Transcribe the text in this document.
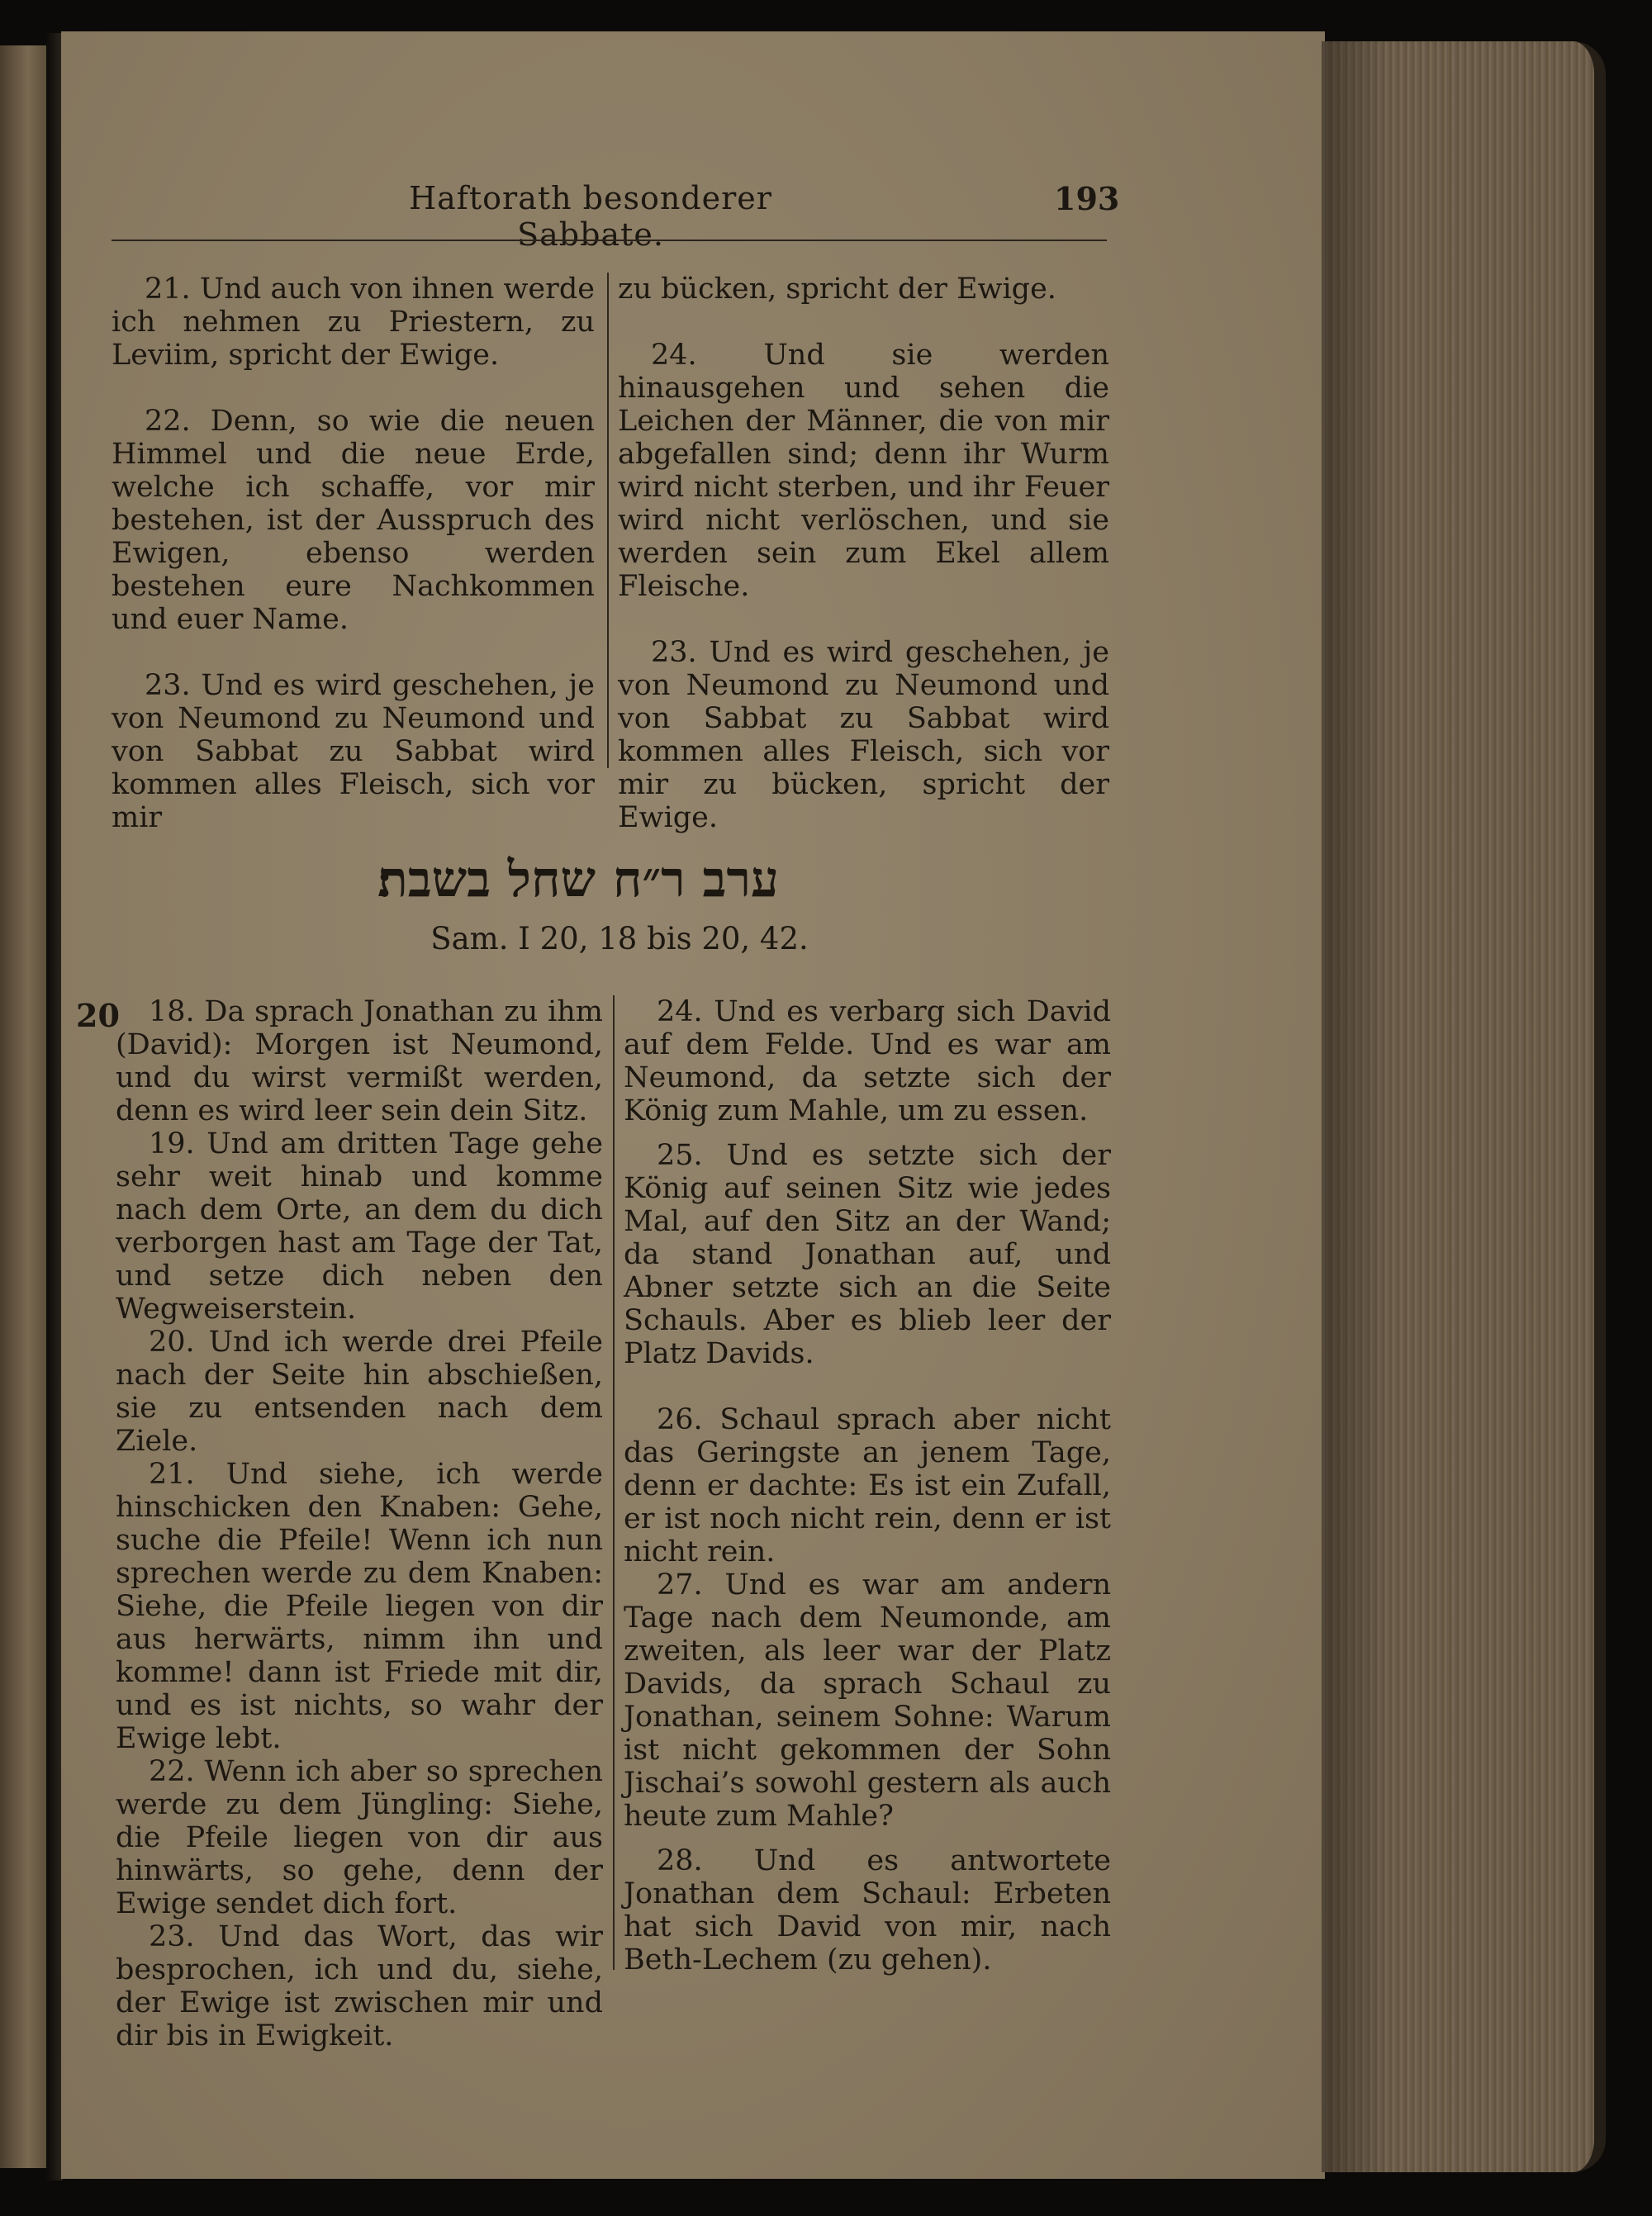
Haftorath besonderer Sabbate.
193

21. Und auch von ihnen werde ich nehmen zu Priestern, zu Leviim, spricht der Ewige.

22. Denn, so wie die neuen Himmel und die neue Erde, welche ich schaffe, vor mir bestehen, ist der Ausspruch des Ewigen, ebenso werden bestehen eure Nachkommen und euer Name.

23. Und es wird geschehen, je von Neumond zu Neumond und von Sabbat zu Sabbat wird kommen alles Fleisch, sich vor mir

zu bücken, spricht der Ewige.

24. Und sie werden hinausgehen und sehen die Leichen der Männer, die von mir abgefallen sind; denn ihr Wurm wird nicht sterben, und ihr Feuer wird nicht verlöschen, und sie werden sein zum Ekel allem Fleische.

23. Und es wird geschehen, je von Neumond zu Neumond und von Sabbat zu Sabbat wird kommen alles Fleisch, sich vor mir zu bücken, spricht der Ewige.

ערב ר״ח שחל בשבת׃
Sam. I 20, 18 bis 20, 42.
20	18. Da sprach Jonathan zu ihm (David): Morgen ist Neumond, und du wirst vermißt werden, denn es wird leer sein dein Sitz.

19. Und am dritten Tage gehe sehr weit hinab und komme nach dem Orte, an dem du dich verborgen hast am Tage der Tat, und setze dich neben den Wegweiserstein.

20. Und ich werde drei Pfeile nach der Seite hin abschießen, sie zu entsenden nach dem Ziele.

21. Und siehe, ich werde hinschicken den Knaben: Gehe, suche die Pfeile! Wenn ich nun sprechen werde zu dem Knaben: Siehe, die Pfeile liegen von dir aus herwärts, nimm ihn und komme! dann ist Friede mit dir, und es ist nichts, so wahr der Ewige lebt.

22. Wenn ich aber so sprechen werde zu dem Jüngling: Siehe, die Pfeile liegen von dir aus hinwärts, so gehe, denn der Ewige sendet dich fort.

23. Und das Wort, das wir besprochen, ich und du, siehe, der Ewige ist zwischen mir und dir bis in Ewigkeit.

24. Und es verbarg sich David auf dem Felde. Und es war am Neumond, da setzte sich der König zum Mahle, um zu essen.

25. Und es setzte sich der König auf seinen Sitz wie jedes Mal, auf den Sitz an der Wand; da stand Jonathan auf, und Abner setzte sich an die Seite Schauls. Aber es blieb leer der Platz Davids.

26. Schaul sprach aber nicht das Geringste an jenem Tage, denn er dachte: Es ist ein Zufall, er ist noch nicht rein, denn er ist nicht rein.

27. Und es war am andern Tage nach dem Neumonde, am zweiten, als leer war der Platz Davids, da sprach Schaul zu Jonathan, seinem Sohne: Warum ist nicht gekommen der Sohn Jischai’s sowohl gestern als auch heute zum Mahle?

28. Und es antwortete Jonathan dem Schaul: Erbeten hat sich David von mir, nach Beth-Lechem (zu gehen).
